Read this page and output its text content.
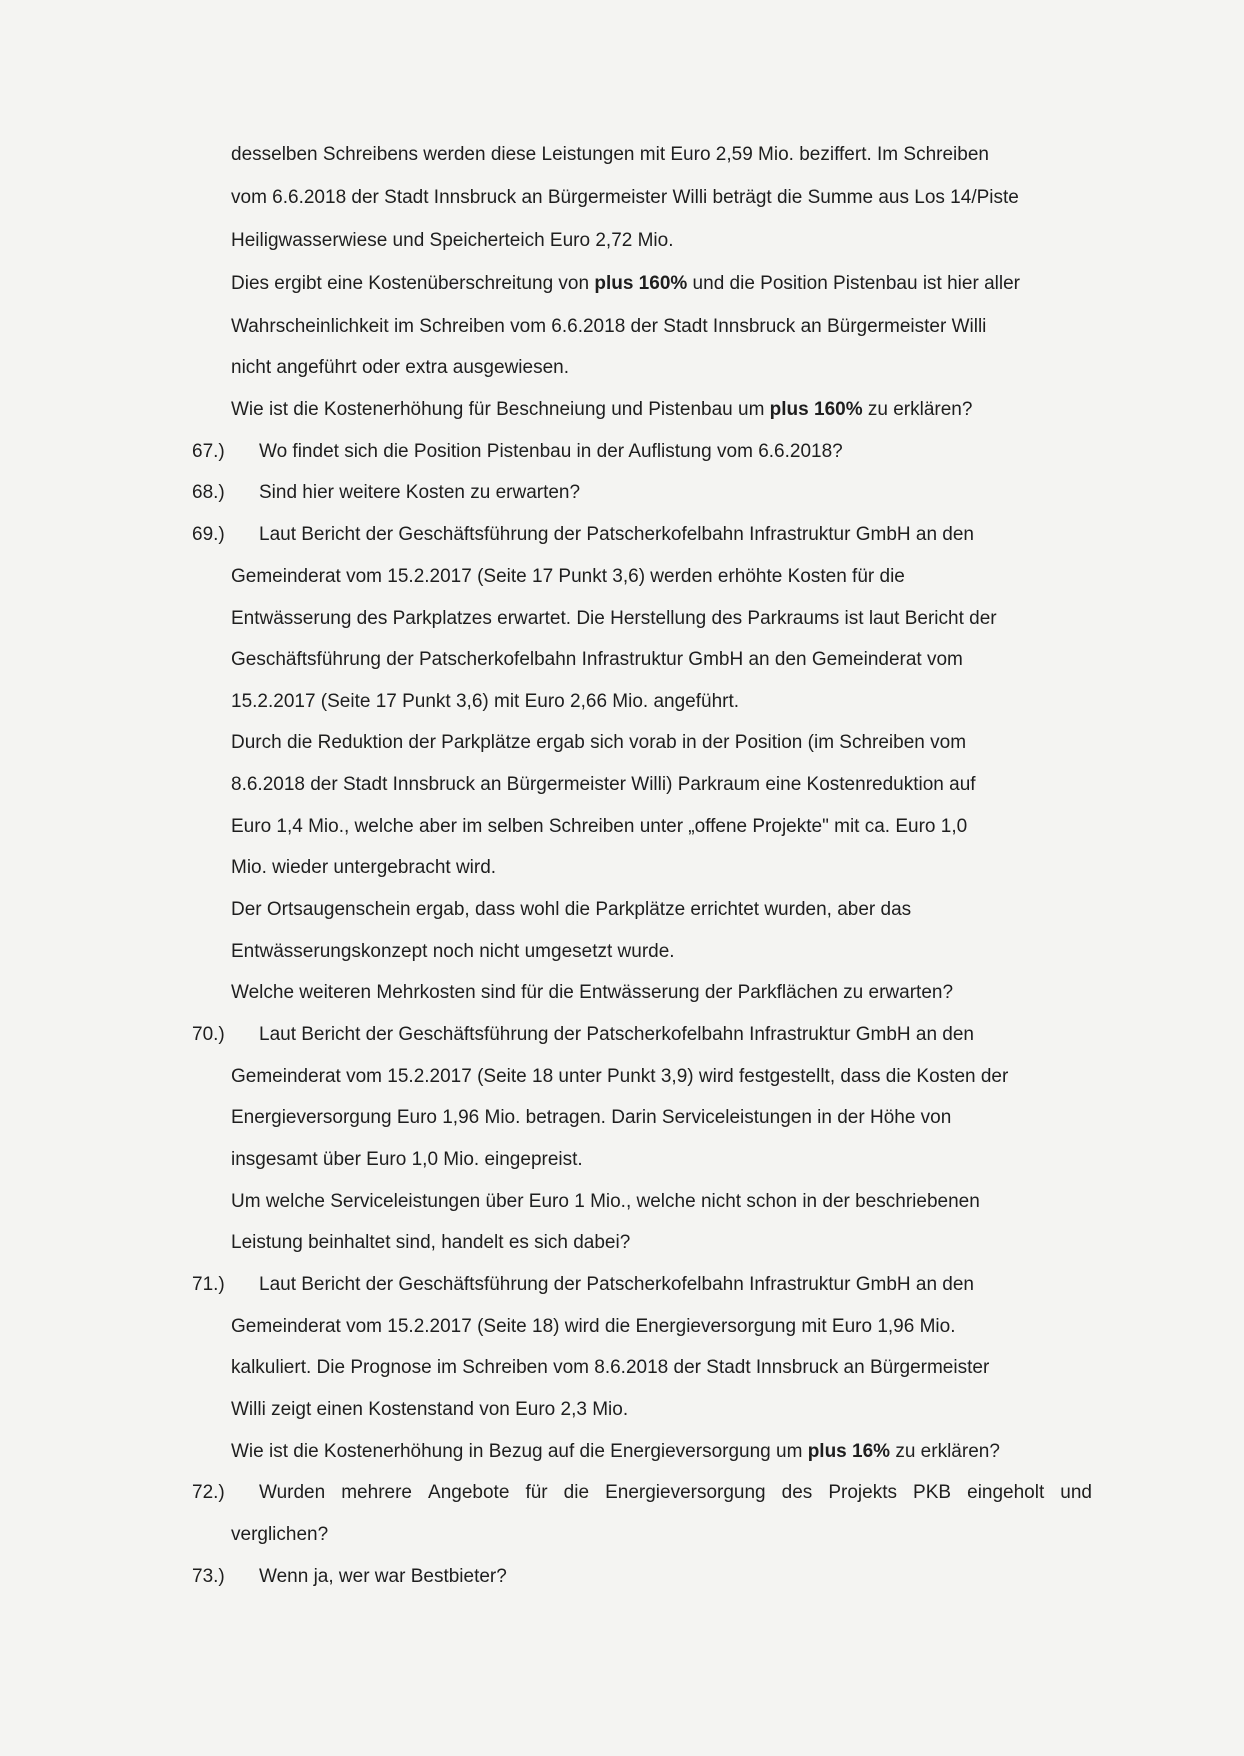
desselben Schreibens werden diese Leistungen mit Euro 2,59 Mio. beziffert. Im Schreiben
vom 6.6.2018 der Stadt Innsbruck an Bürgermeister Willi beträgt die Summe aus Los 14/Piste
Heiligwasserwiese und Speicherteich Euro 2,72 Mio.
Dies ergibt eine Kostenüberschreitung von plus 160% und die Position Pistenbau ist hier aller
Wahrscheinlichkeit im Schreiben vom 6.6.2018 der Stadt Innsbruck an Bürgermeister Willi
nicht angeführt oder extra ausgewiesen.
Wie ist die Kostenerhöhung für Beschneiung und Pistenbau um plus 160% zu erklären?
67.) Wo findet sich die Position Pistenbau in der Auflistung vom 6.6.2018?
68.) Sind hier weitere Kosten zu erwarten?
69.) Laut Bericht der Geschäftsführung der Patscherkofelbahn Infrastruktur GmbH an den
Gemeinderat vom 15.2.2017 (Seite 17 Punkt 3,6) werden erhöhte Kosten für die
Entwässerung des Parkplatzes erwartet. Die Herstellung des Parkraums ist laut Bericht der
Geschäftsführung der Patscherkofelbahn Infrastruktur GmbH an den Gemeinderat vom
15.2.2017 (Seite 17 Punkt 3,6) mit Euro 2,66 Mio. angeführt.
Durch die Reduktion der Parkplätze ergab sich vorab in der Position (im Schreiben vom
8.6.2018 der Stadt Innsbruck an Bürgermeister Willi) Parkraum eine Kostenreduktion auf
Euro 1,4 Mio., welche aber im selben Schreiben unter „offene Projekte" mit ca. Euro 1,0
Mio. wieder untergebracht wird.
Der Ortsaugenschein ergab, dass wohl die Parkplätze errichtet wurden, aber das
Entwässerungskonzept noch nicht umgesetzt wurde.
Welche weiteren Mehrkosten sind für die Entwässerung der Parkflächen zu erwarten?
70.) Laut Bericht der Geschäftsführung der Patscherkofelbahn Infrastruktur GmbH an den
Gemeinderat vom 15.2.2017 (Seite 18 unter Punkt 3,9) wird festgestellt, dass die Kosten der
Energieversorgung Euro 1,96 Mio. betragen. Darin Serviceleistungen in der Höhe von
insgesamt über Euro 1,0 Mio. eingepreist.
Um welche Serviceleistungen über Euro 1 Mio., welche nicht schon in der beschriebenen
Leistung beinhaltet sind, handelt es sich dabei?
71.) Laut Bericht der Geschäftsführung der Patscherkofelbahn Infrastruktur GmbH an den
Gemeinderat vom 15.2.2017 (Seite 18) wird die Energieversorgung mit Euro 1,96 Mio.
kalkuliert. Die Prognose im Schreiben vom 8.6.2018 der Stadt Innsbruck an Bürgermeister
Willi zeigt einen Kostenstand von Euro 2,3 Mio.
Wie ist die Kostenerhöhung in Bezug auf die Energieversorgung um plus 16% zu erklären?
72.)	Wurden mehrere Angebote für die Energieversorgung des Projekts PKB eingeholt und
verglichen?
73.) Wenn ja, wer war Bestbieter?
